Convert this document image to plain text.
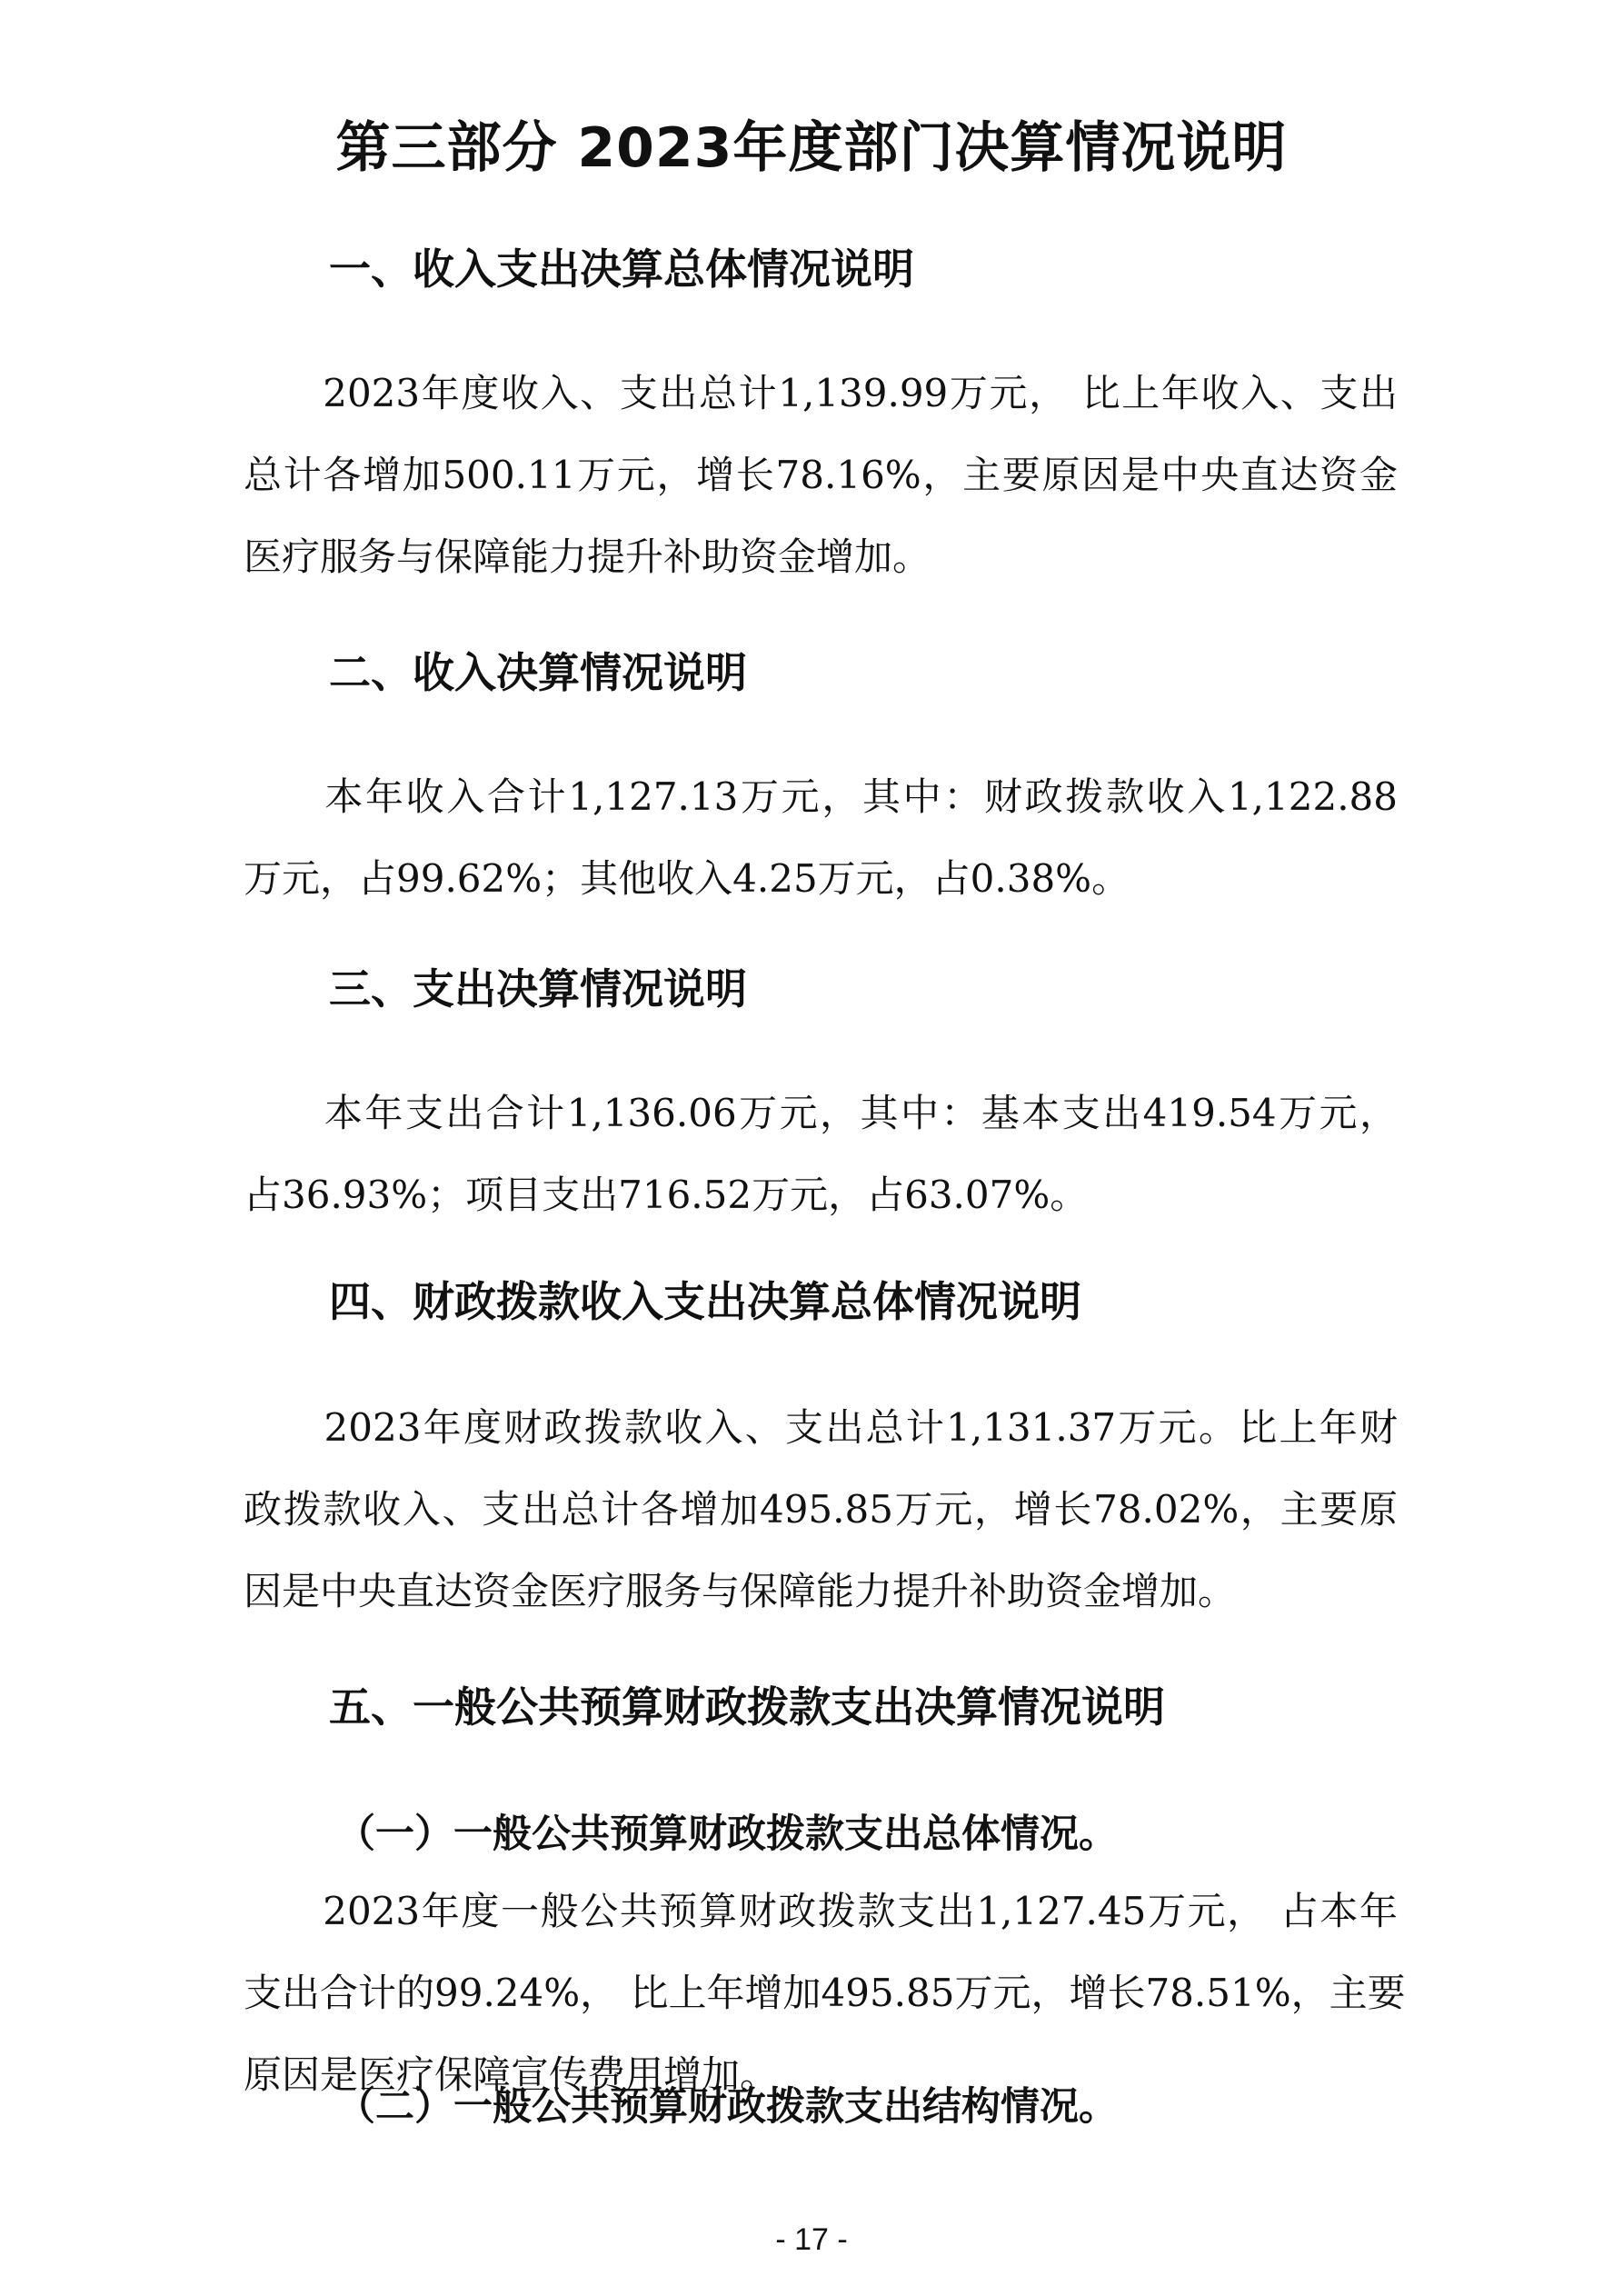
第三部分 2023年度部门决算情况说明
一、收入支出决算总体情况说明

　　2023年度收入、支出总计1,139.99万元， 比上年收入、支出
总计各增加500.11万元，增长78.16%，主要原因是中央直达资金
医疗服务与保障能力提升补助资金增加。

二、收入决算情况说明

　　本年收入合计1,127.13万元，其中：财政拨款收入1,122.88
万元，占99.62%；其他收入4.25万元，占0.38%。

三、支出决算情况说明

　　本年支出合计1,136.06万元，其中：基本支出419.54万元，
占36.93%；项目支出716.52万元，占63.07%。

四、财政拨款收入支出决算总体情况说明

　　2023年度财政拨款收入、支出总计1,131.37万元。比上年财
政拨款收入、支出总计各增加495.85万元，增长78.02%，主要原
因是中央直达资金医疗服务与保障能力提升补助资金增加。

五、一般公共预算财政拨款支出决算情况说明
（一）一般公共预算财政拨款支出总体情况。

　　2023年度一般公共预算财政拨款支出1,127.45万元， 占本年
支出合计的99.24%， 比上年增加495.85万元，增长78.51%，主要
原因是医疗保障宣传费用增加。

（二）一般公共预算财政拨款支出结构情况。
- 17 -
